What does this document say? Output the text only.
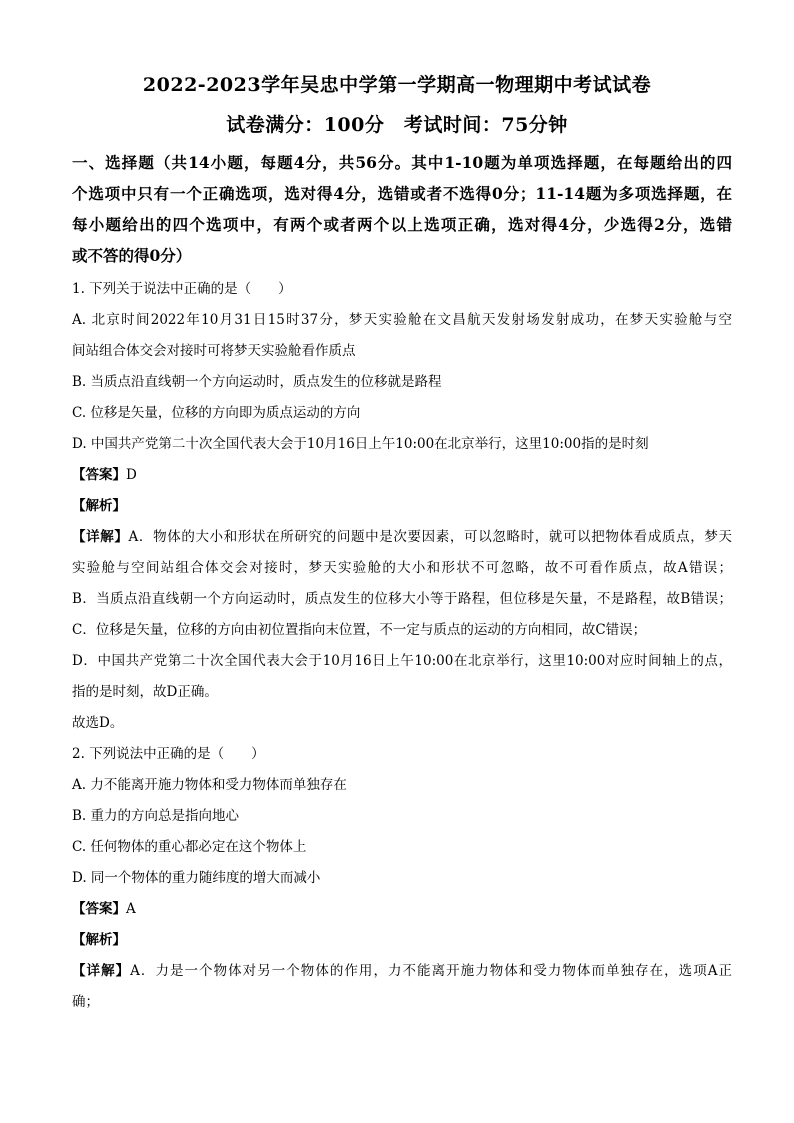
2022-2023学年吴忠中学第一学期高一物理期中考试试卷
试卷满分：100分　考试时间：75分钟
一、选择题（共14小题，每题4分，共56分。其中1-10题为单项选择题，在每题给出的四
个选项中只有一个正确选项，选对得4分，选错或者不选得0分；11-14题为多项选择题，在
每小题给出的四个选项中，有两个或者两个以上选项正确，选对得4分，少选得2分，选错
或不答的得0分）
1. 下列关于说法中正确的是（　　）
A. 北京时间2022年10月31日15时37分，梦天实验舱在文昌航天发射场发射成功，在梦天实验舱与空
间站组合体交会对接时可将梦天实验舱看作质点
B. 当质点沿直线朝一个方向运动时，质点发生的位移就是路程
C. 位移是矢量，位移的方向即为质点运动的方向
D. 中国共产党第二十次全国代表大会于10月16日上午10:00在北京举行，这里10:00指的是时刻
【答案】D
【解析】
【详解】A．物体的大小和形状在所研究的问题中是次要因素，可以忽略时，就可以把物体看成质点，梦天
实验舱与空间站组合体交会对接时，梦天实验舱的大小和形状不可忽略，故不可看作质点，故A错误；
B．当质点沿直线朝一个方向运动时，质点发生的位移大小等于路程，但位移是矢量，不是路程，故B错误；
C．位移是矢量，位移的方向由初位置指向末位置，不一定与质点的运动的方向相同，故C错误；
D．中国共产党第二十次全国代表大会于10月16日上午10:00在北京举行，这里10:00对应时间轴上的点，
指的是时刻，故D正确。
故选D。
2. 下列说法中正确的是（　　）
A. 力不能离开施力物体和受力物体而单独存在
B. 重力的方向总是指向地心
C. 任何物体的重心都必定在这个物体上
D. 同一个物体的重力随纬度的增大而减小
【答案】A
【解析】
【详解】A．力是一个物体对另一个物体的作用，力不能离开施力物体和受力物体而单独存在，选项A正
确；
